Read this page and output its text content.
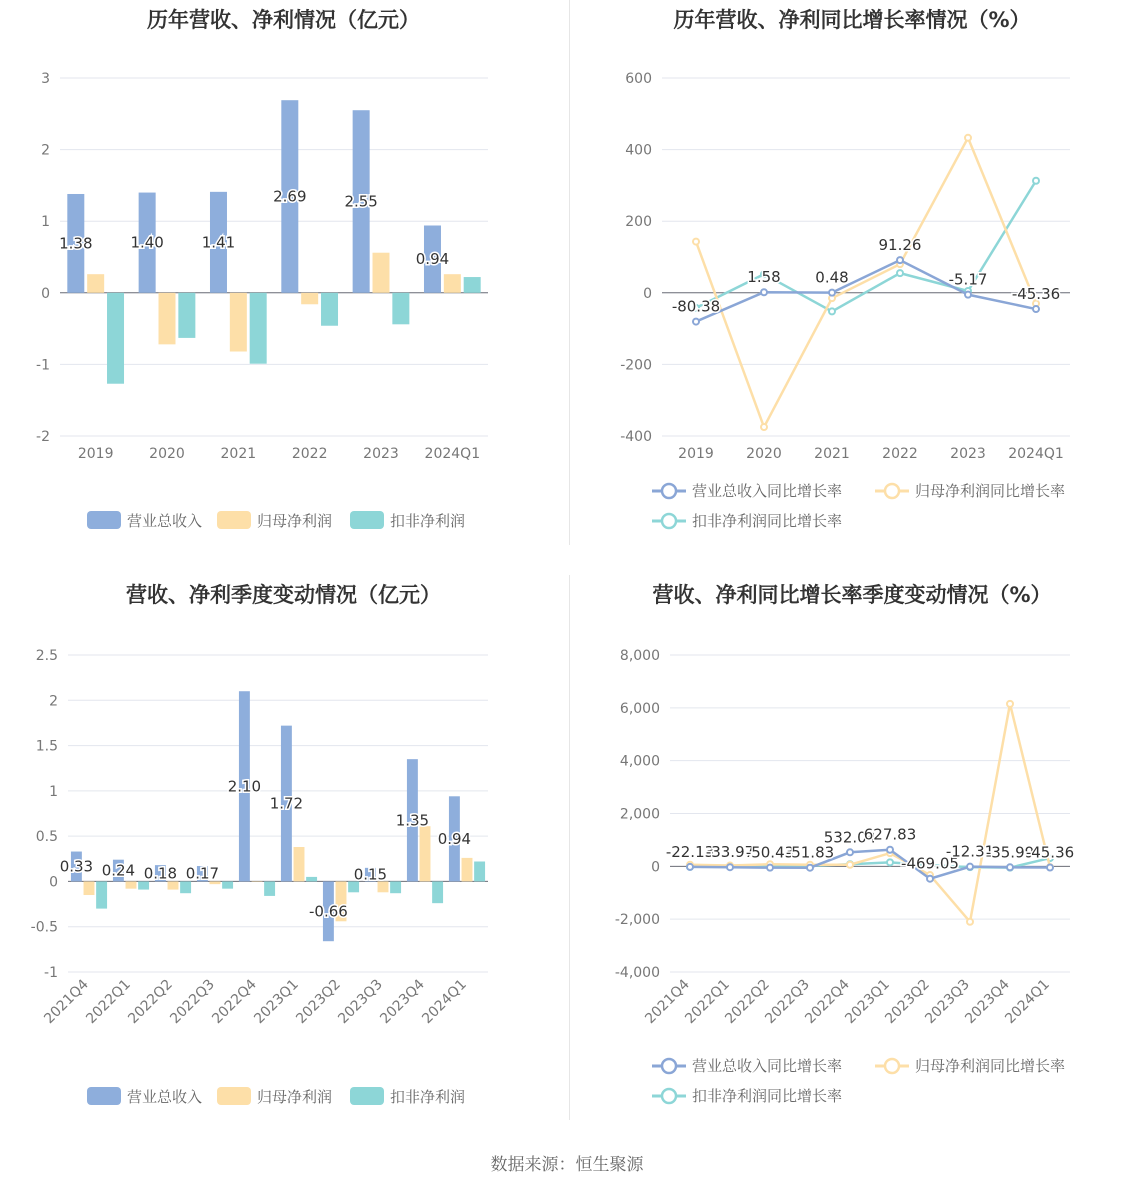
历年营收、净利情况（亿元）
-2
-1
0
1
2
3
1.38	1.40	1.41
2.69	2.55
0.94
2019	2020	2021	2022	2023 2024Q1
营业总收入	归母净利润	扣非净利润
历年营收、净利同比增长率情况（%）
-400
-200
0
200
400
600
-80.38
1.58 0.48
91.26
-5.17
-45.36
2019 2020 2021 2022 2023 2024Q1
营业总收入同比增长率	归母净利润同比增长率
扣非净利润同比增长率
营收、净利季度变动情况（亿元）
-1
-0.5
0
0.5
1
1.5
2
2.5
0.33 0.24 0.18 0.17
2.10
1.72
-0.66
0.15
1.35
0.94
2021Q4
2022Q1
2022Q2
2022Q3
2022Q4
2023Q1
2023Q2
2023Q3
2023Q4
2024Q1
营业总收入	归母净利润	扣非净利润
营收、净利同比增长率季度变动情况（%）
-4,000
-2,000
0
2,000
4,000
6,000
8,000
-22.13
-33.97
-50.43
-51.83
532.04
627.83
-469.05
-12.31
-35.99
-45.36
2021Q4
2022Q1
2022Q2
2022Q3
2022Q4
2023Q1
2023Q2
2023Q3
2023Q4
2024Q1
营业总收入同比增长率	归母净利润同比增长率
扣非净利润同比增长率
数据来源：恒生聚源
